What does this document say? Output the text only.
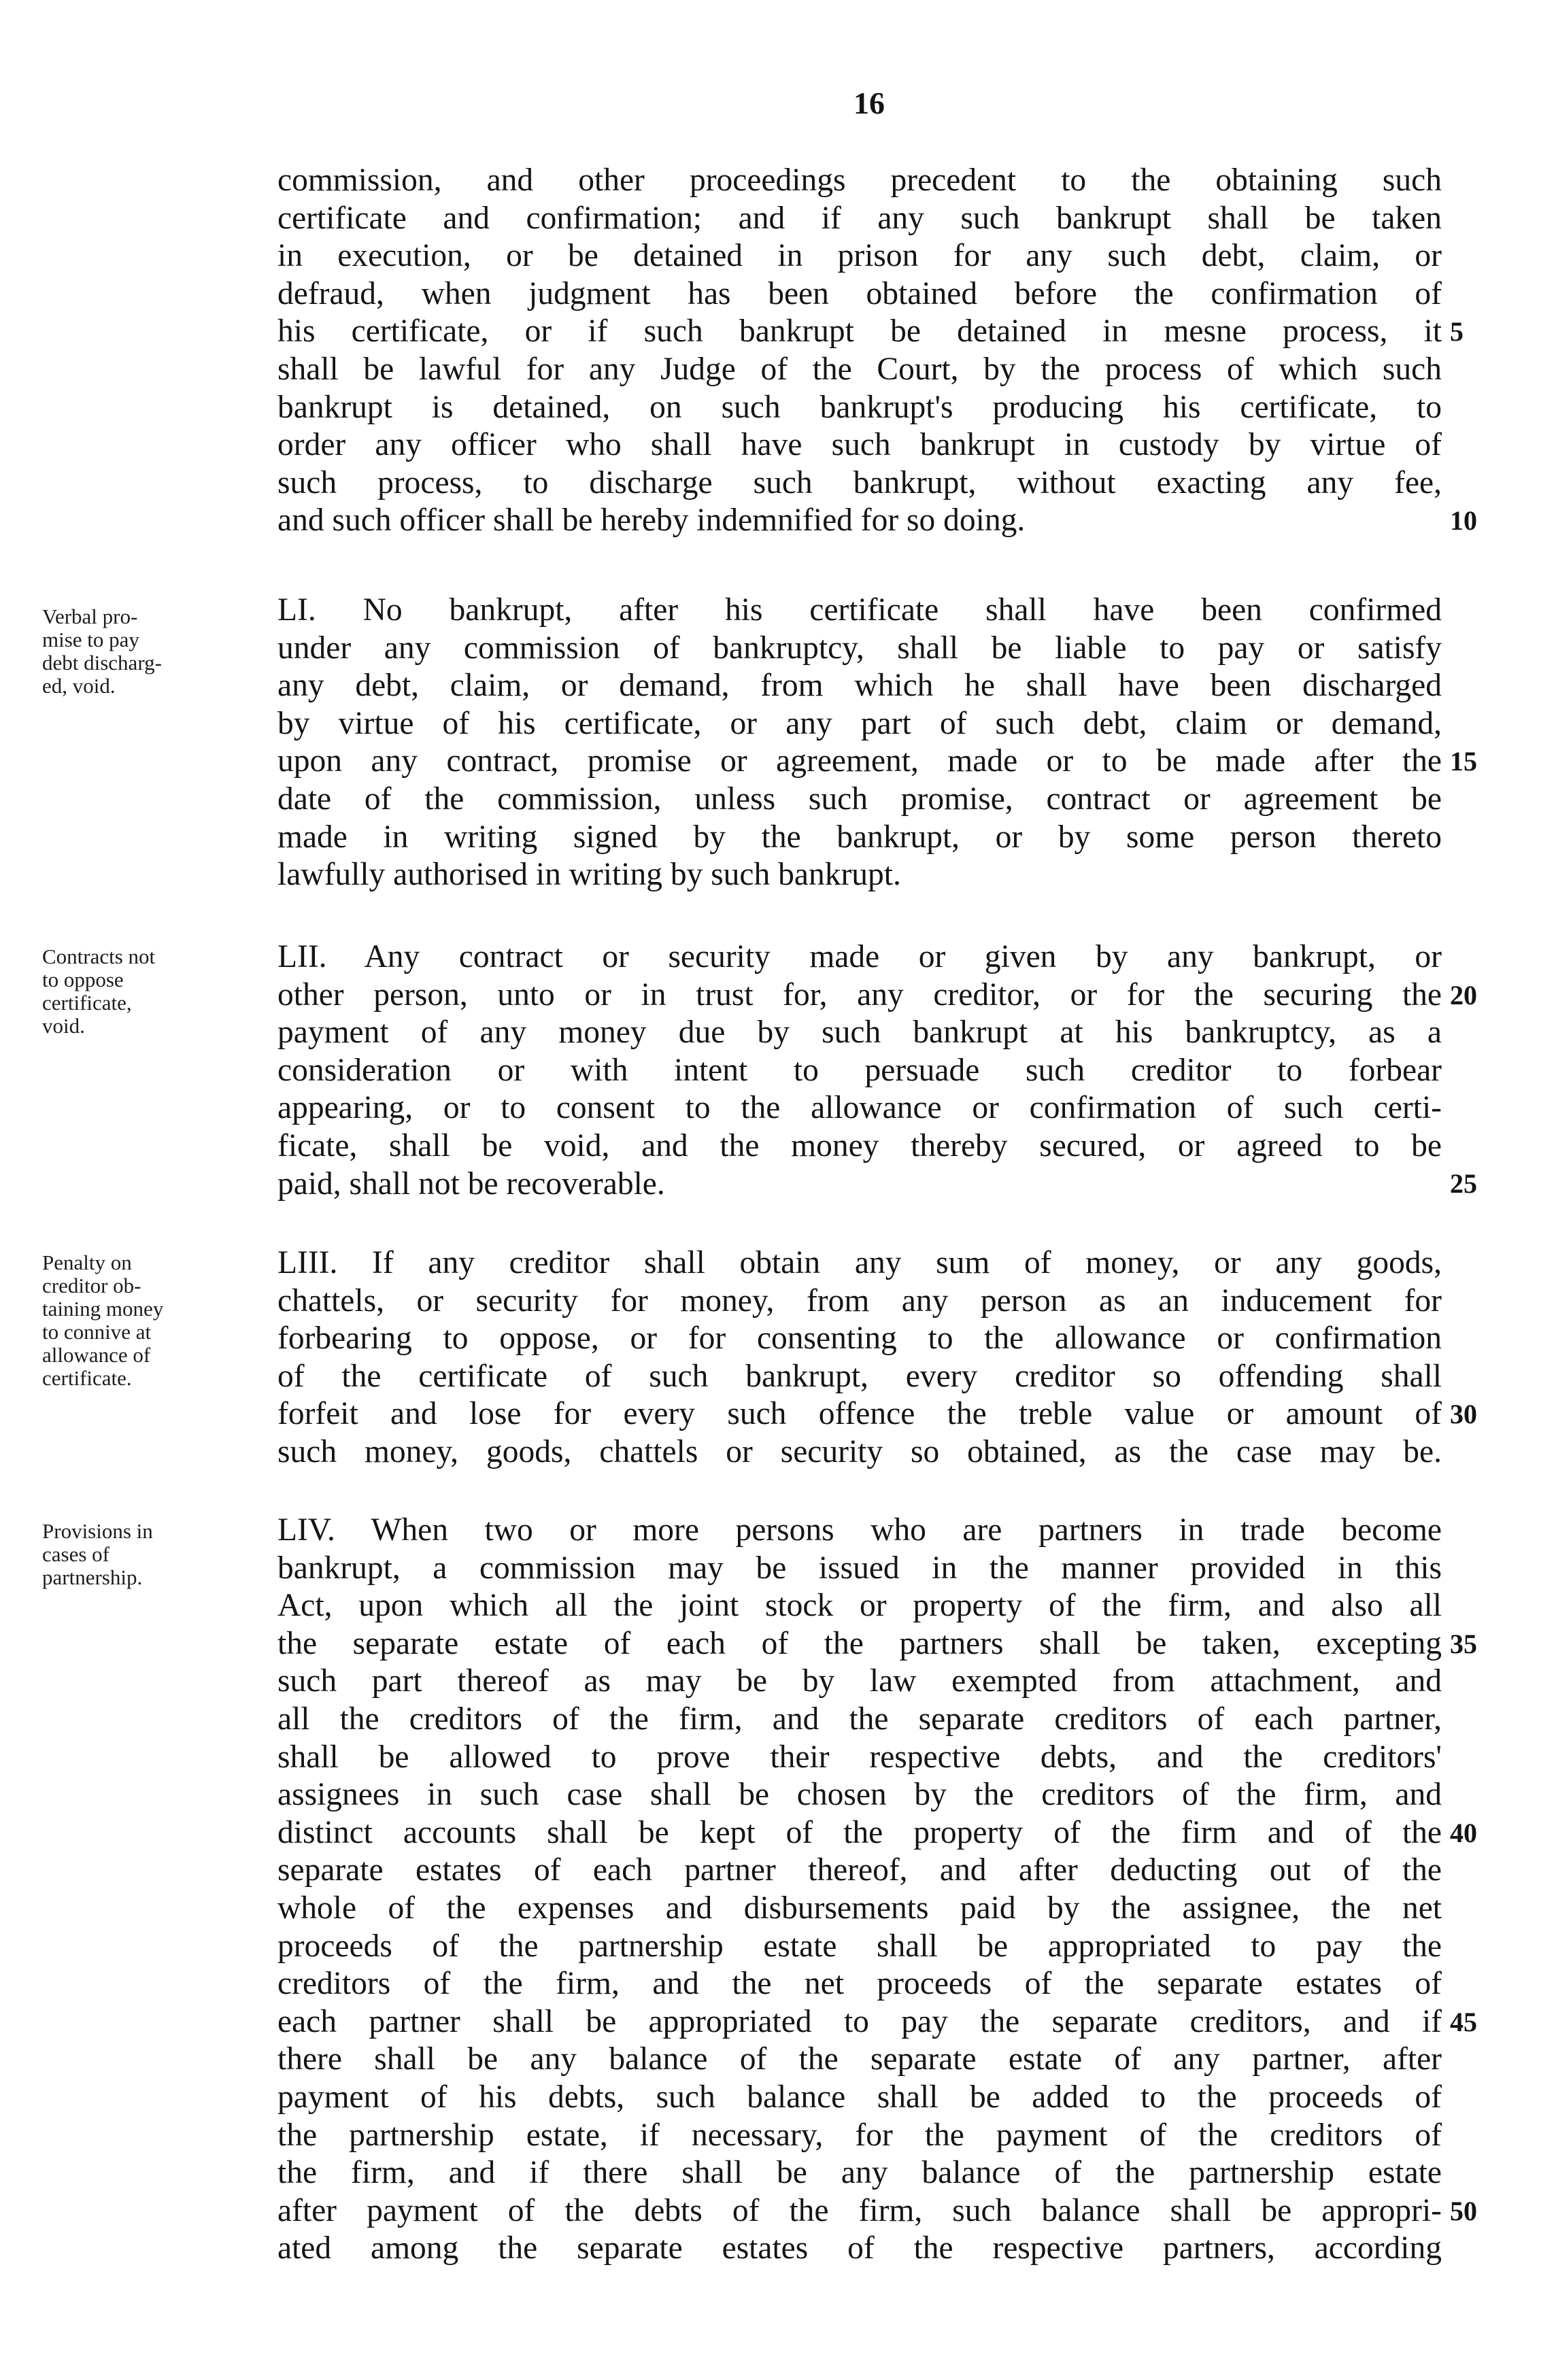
16
commission, and other proceedings precedent to the obtaining such
certificate and confirmation; and if any such bankrupt shall be taken
in execution, or be detained in prison for any such debt, claim, or
defraud, when judgment has been obtained before the confirmation of
his certificate, or if such bankrupt be detained in mesne process, it
shall be lawful for any Judge of the Court, by the process of which such
bankrupt is detained, on such bankrupt's producing his certificate, to
order any officer who shall have such bankrupt in custody by virtue of
such process, to discharge such bankrupt, without exacting any fee,
and such officer shall be hereby indemnified for so doing.
LI. No bankrupt, after his certificate shall have been confirmed
under any commission of bankruptcy, shall be liable to pay or satisfy
any debt, claim, or demand, from which he shall have been discharged
by virtue of his certificate, or any part of such debt, claim or demand,
upon any contract, promise or agreement, made or to be made after the
date of the commission, unless such promise, contract or agreement be
made in writing signed by the bankrupt, or by some person thereto
lawfully authorised in writing by such bankrupt.
LII. Any contract or security made or given by any bankrupt, or
other person, unto or in trust for, any creditor, or for the securing the
payment of any money due by such bankrupt at his bankruptcy, as a
consideration or with intent to persuade such creditor to forbear
appearing, or to consent to the allowance or confirmation of such certi-
ficate, shall be void, and the money thereby secured, or agreed to be
paid, shall not be recoverable.
LIII. If any creditor shall obtain any sum of money, or any goods,
chattels, or security for money, from any person as an inducement for
forbearing to oppose, or for consenting to the allowance or confirmation
of the certificate of such bankrupt, every creditor so offending shall
forfeit and lose for every such offence the treble value or amount of
such money, goods, chattels or security so obtained, as the case may be.
LIV. When two or more persons who are partners in trade become
bankrupt, a commission may be issued in the manner provided in this
Act, upon which all the joint stock or property of the firm, and also all
the separate estate of each of the partners shall be taken, excepting
such part thereof as may be by law exempted from attachment, and
all the creditors of the firm, and the separate creditors of each partner,
shall be allowed to prove their respective debts, and the creditors'
assignees in such case shall be chosen by the creditors of the firm, and
distinct accounts shall be kept of the property of the firm and of the
separate estates of each partner thereof, and after deducting out of the
whole of the expenses and disbursements paid by the assignee, the net
proceeds of the partnership estate shall be appropriated to pay the
creditors of the firm, and the net proceeds of the separate estates of
each partner shall be appropriated to pay the separate creditors, and if
there shall be any balance of the separate estate of any partner, after
payment of his debts, such balance shall be added to the proceeds of
the partnership estate, if necessary, for the payment of the creditors of
the firm, and if there shall be any balance of the partnership estate
after payment of the debts of the firm, such balance shall be appropri-
ated among the separate estates of the respective partners, according
Verbal pro-
mise to pay
debt discharg-
ed, void.
Contracts not
to oppose
certificate,
void.
Penalty on
creditor ob-
taining money
to connive at
allowance of
certificate.
Provisions in
cases of
partnership.
5
10
15
20
25
30
35
40
45
50
